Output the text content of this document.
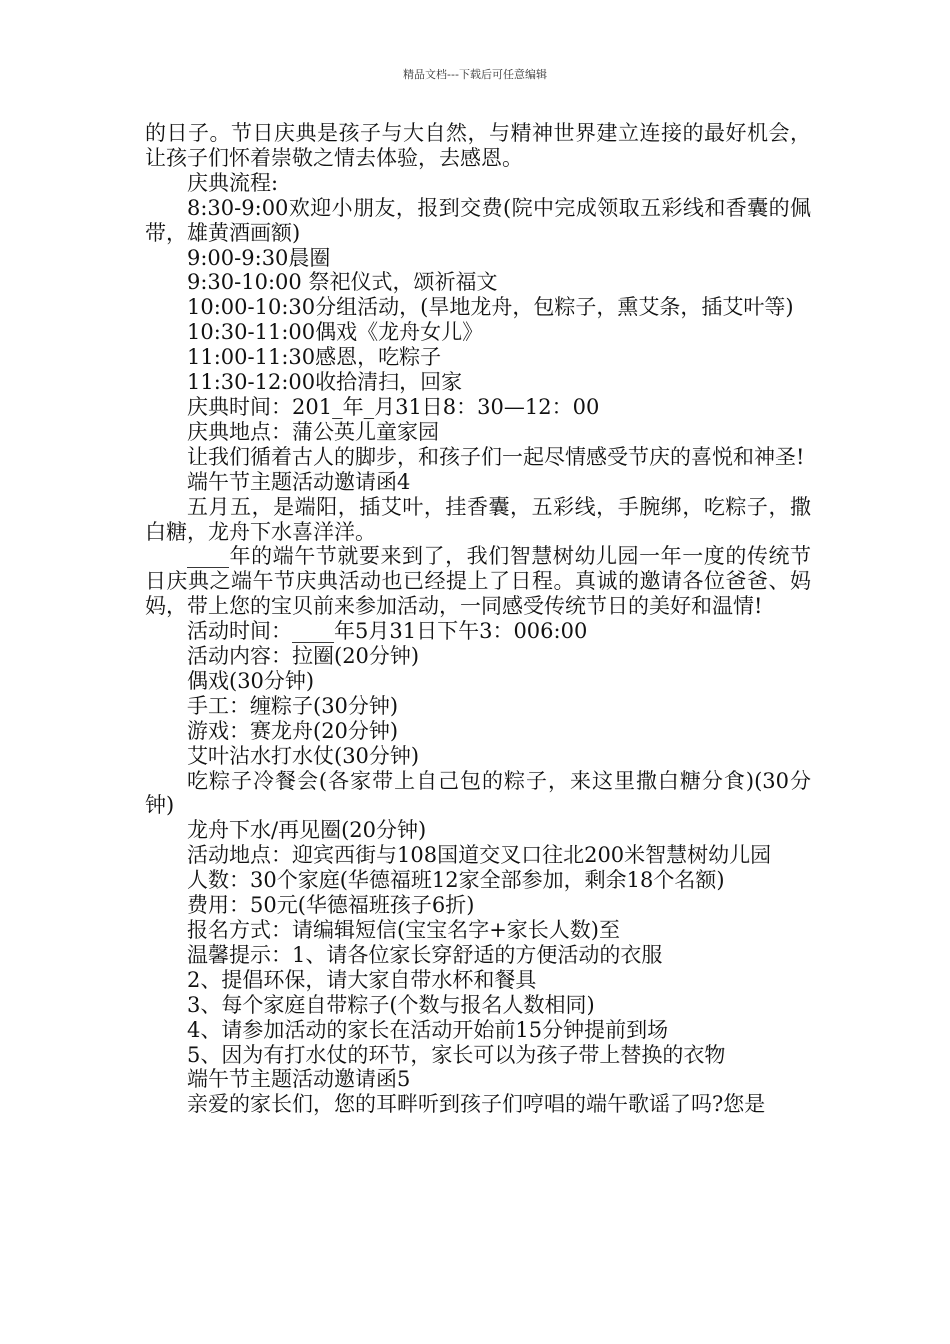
精品文档---下载后可任意编辑

的日子。节日庆典是孩子与大自然，与精神世界建立连接的最好机会，让孩子们怀着崇敬之情去体验，去感恩。

庆典流程:

8:30-9:00欢迎小朋友，报到交费(院中完成领取五彩线和香囊的佩带，雄黄酒画额)

9:00-9:30晨圈

9:30-10:00 祭祀仪式，颂祈福文

10:00-10:30分组活动，(旱地龙舟，包粽子，熏艾条，插艾叶等)

10:30-11:00偶戏《龙舟女儿》

11:00-11:30感恩，吃粽子

11:30-12:00收拾清扫，回家

庆典时间：201_年_月31日8：30—12：00

庆典地点：蒲公英儿童家园

让我们循着古人的脚步，和孩子们一起尽情感受节庆的喜悦和神圣!

端午节主题活动邀请函4

五月五，是端阳，插艾叶，挂香囊，五彩线，手腕绑，吃粽子，撒白糖，龙舟下水喜洋洋。

____年的端午节就要来到了，我们智慧树幼儿园一年一度的传统节日庆典之端午节庆典活动也已经提上了日程。真诚的邀请各位爸爸、妈妈，带上您的宝贝前来参加活动，一同感受传统节日的美好和温情!

活动时间：____年5月31日下午3：006:00

活动内容：拉圈(20分钟)

偶戏(30分钟)

手工：缠粽子(30分钟)

游戏：赛龙舟(20分钟)

艾叶沾水打水仗(30分钟)

吃粽子冷餐会(各家带上自己包的粽子，来这里撒白糖分食)(30分钟)

龙舟下水/再见圈(20分钟)

活动地点：迎宾西街与108国道交叉口往北200米智慧树幼儿园

人数：30个家庭(华德福班12家全部参加，剩余18个名额)

费用：50元(华德福班孩子6折)

报名方式：请编辑短信(宝宝名字+家长人数)至

温馨提示：1、请各位家长穿舒适的方便活动的衣服

2、提倡环保，请大家自带水杯和餐具

3、每个家庭自带粽子(个数与报名人数相同)

4、请参加活动的家长在活动开始前15分钟提前到场

5、因为有打水仗的环节，家长可以为孩子带上替换的衣物

端午节主题活动邀请函5

亲爱的家长们，您的耳畔听到孩子们哼唱的端午歌谣了吗?您是
